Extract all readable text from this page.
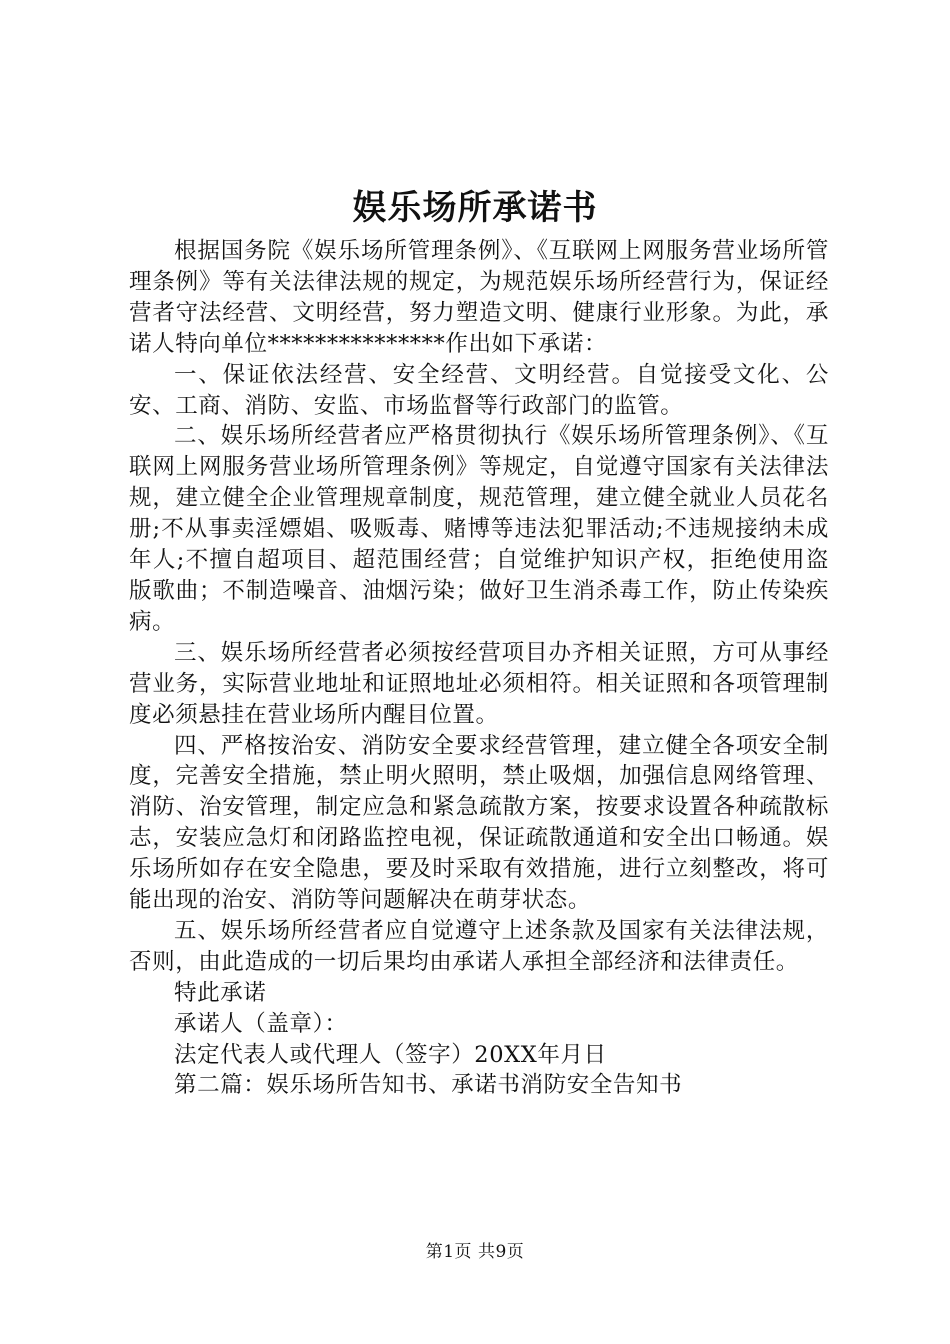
娱乐场所承诺书

根据国务院《娱乐场所管理条例》、《互联网上网服务营业场所管理条例》等有关法律法规的规定，为规范娱乐场所经营行为，保证经营者守法经营、文明经营，努力塑造文明、健康行业形象。为此，承诺人特向单位***************作出如下承诺：

一、保证依法经营、安全经营、文明经营。自觉接受文化、公安、工商、消防、安监、市场监督等行政部门的监管。

二、娱乐场所经营者应严格贯彻执行《娱乐场所管理条例》、《互联网上网服务营业场所管理条例》等规定，自觉遵守国家有关法律法规，建立健全企业管理规章制度，规范管理，建立健全就业人员花名册;不从事卖淫嫖娼、吸贩毒、赌博等违法犯罪活动;不违规接纳未成年人;不擅自超项目、超范围经营；自觉维护知识产权，拒绝使用盗版歌曲；不制造噪音、油烟污染；做好卫生消杀毒工作，防止传染疾病。

三、娱乐场所经营者必须按经营项目办齐相关证照，方可从事经营业务，实际营业地址和证照地址必须相符。相关证照和各项管理制度必须悬挂在营业场所内醒目位置。

四、严格按治安、消防安全要求经营管理，建立健全各项安全制度，完善安全措施，禁止明火照明，禁止吸烟，加强信息网络管理、消防、治安管理，制定应急和紧急疏散方案，按要求设置各种疏散标志，安装应急灯和闭路监控电视，保证疏散通道和安全出口畅通。娱乐场所如存在安全隐患，要及时采取有效措施，进行立刻整改，将可能出现的治安、消防等问题解决在萌芽状态。

五、娱乐场所经营者应自觉遵守上述条款及国家有关法律法规，否则，由此造成的一切后果均由承诺人承担全部经济和法律责任。

特此承诺

承诺人（盖章）：

法定代表人或代理人（签字）20XX年月日

第二篇：娱乐场所告知书、承诺书消防安全告知书

第1页 共9页
